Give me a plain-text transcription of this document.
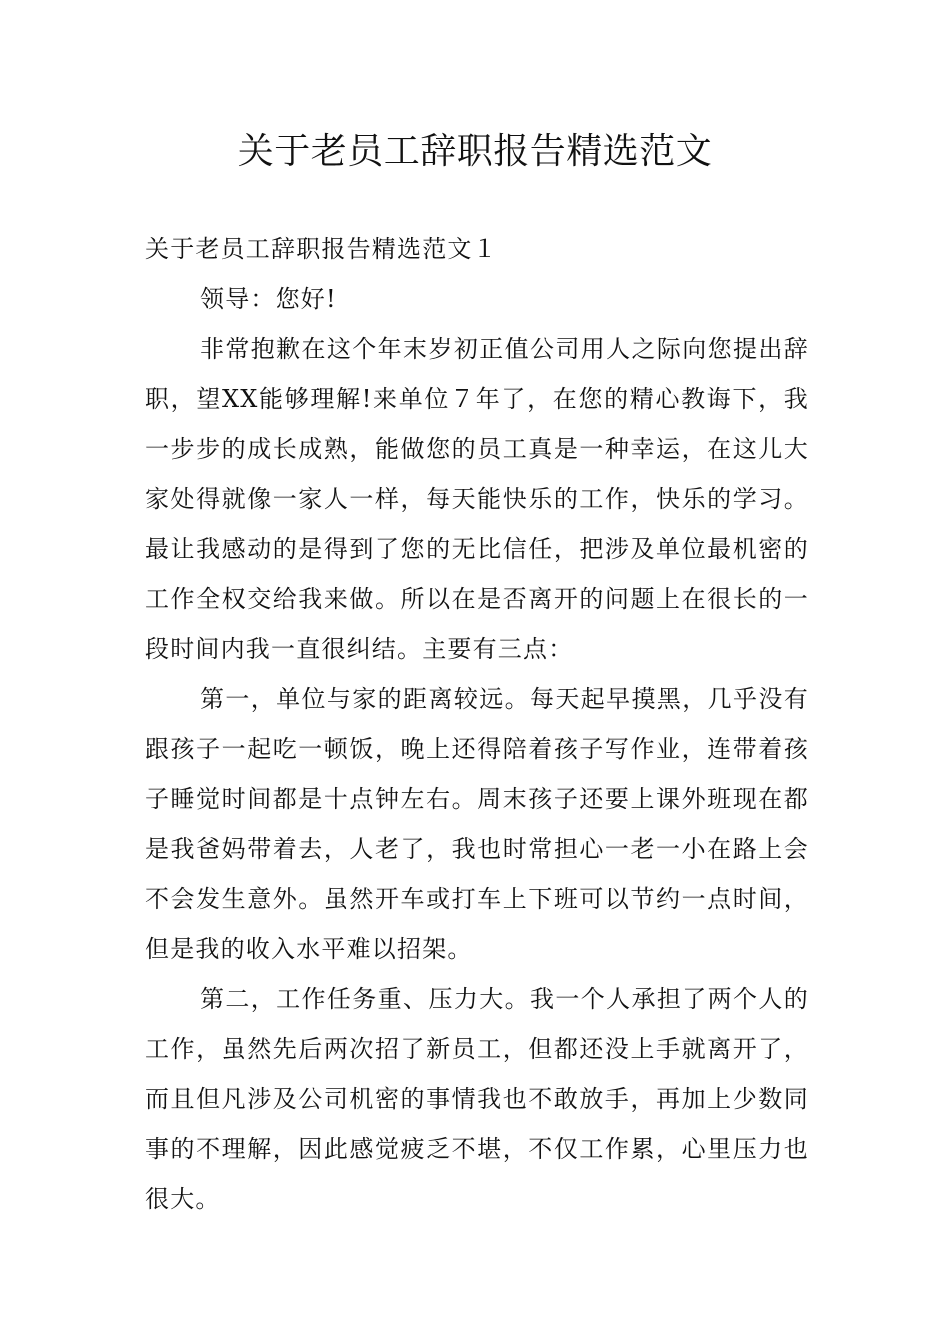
关于老员工辞职报告精选范文

关于老员工辞职报告精选范文１

领导：您好!

非常抱歉在这个年末岁初正值公司用人之际向您提出辞职，望XX能够理解!来单位７年了，在您的精心教诲下，我一步步的成长成熟，能做您的员工真是一种幸运，在这儿大家处得就像一家人一样，每天能快乐的工作，快乐的学习。最让我感动的是得到了您的无比信任，把涉及单位最机密的工作全权交给我来做。所以在是否离开的问题上在很长的一段时间内我一直很纠结。主要有三点：

第一，单位与家的距离较远。每天起早摸黑，几乎没有跟孩子一起吃一顿饭，晚上还得陪着孩子写作业，连带着孩子睡觉时间都是十点钟左右。周末孩子还要上课外班现在都是我爸妈带着去，人老了，我也时常担心一老一小在路上会不会发生意外。虽然开车或打车上下班可以节约一点时间，但是我的收入水平难以招架。

第二，工作任务重、压力大。我一个人承担了两个人的工作，虽然先后两次招了新员工，但都还没上手就离开了，而且但凡涉及公司机密的事情我也不敢放手，再加上少数同事的不理解，因此感觉疲乏不堪，不仅工作累，心里压力也很大。
